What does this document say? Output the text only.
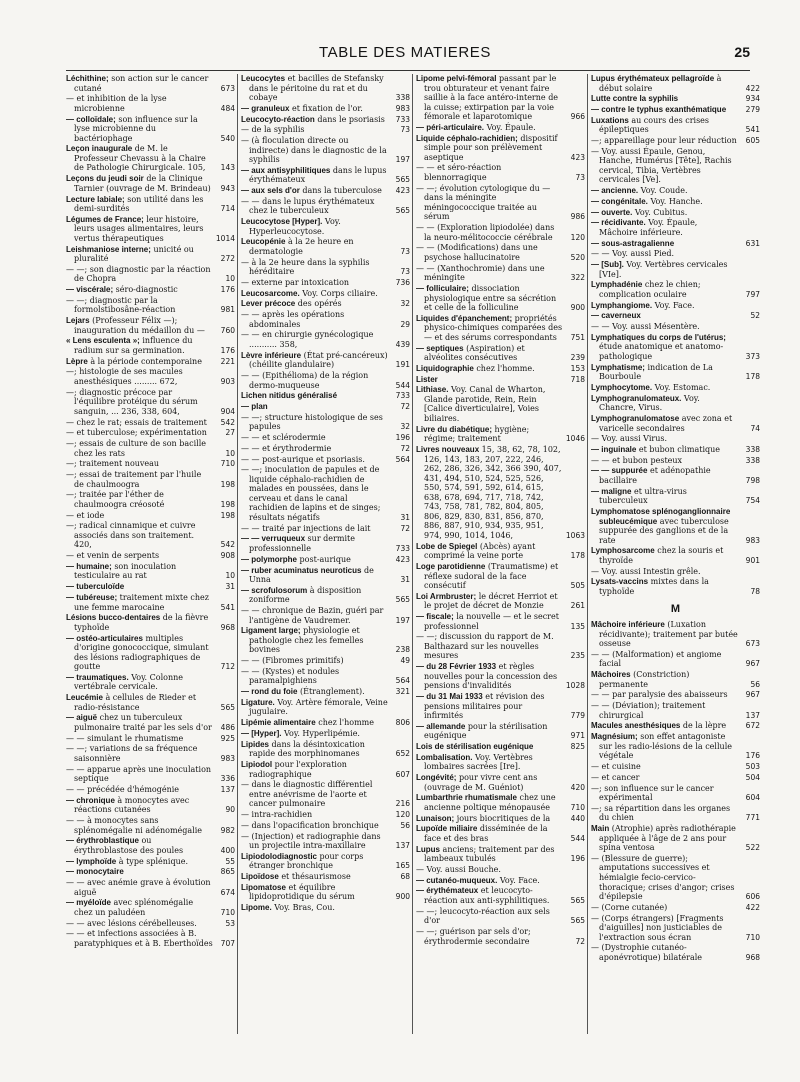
TABLE DES MATIERES	25
Léchithine; son action sur le cancer cutané	673
— et inhibition de la lyse microbienne	484
— colloïdale; son influence sur la lyse microbienne du bactériophage	540
Leçon inaugurale de M. le Professeur Chevassu à la Chaire de Pathologie Chirurgicale. 105, 143
Leçons du jeudi soir de la Clinique Tarnier (ouvrage de M. Brindeau) 943
Lecture labiale; son utilité dans les demi-surdités	714
Légumes de France; leur histoire, leurs usages alimentaires, leurs vertus thérapeutiques	1014
Leishmaniose interne; unicité ou pluralité	272
— —; son diagnostic par la réaction de Chopra	10
— viscérale; séro-diagnostic	176
— —; diagnostic par la formolstibosâne-réaction	981
Lejars (Professeur Félix —); inauguration du médaillon du — 760
« Lens esculenta »; influence du radium sur sa germination.	176
Lèpre à la période contemporaine 221
—; histologie de ses macules anesthésiques ......... 672,	903
—; diagnostic précoce par l'équilibre protéique du sérum sanguin, ... 236, 338, 604,	904
— chez le rat; essais de traitement 542
— et tuberculose; expérimentation 27
—; essais de culture de son bacille chez les rats	10
—; traitement nouveau	710
—; essai de traitement par l'huile de chaulmoogra	198
—; traitée par l'éther de chaulmoogra créosoté	198
— et iode	198
—; radical cinnamique et cuivre associés dans son traitement. 420,	542
— et venin de serpents	908
— humaine; son inoculation testiculaire au rat	10
— tuberculoïde	31
— tubéreuse; traitement mixte chez une femme marocaine	541
Lésions bucco-dentaires de la fièvre typhoïde	968
— ostéo-articulaires multiples d'origine gonococcique, simulant des lésions radiographiques de goutte	712
— traumatiques. Voy. Colonne vertébrale cervicale.
Leucémie à cellules de Rieder et radio-résistance	565
— aiguë chez un tuberculeux pulmonaire traité par les sels d'or 486
— — simulant le rhumatisme	925
— —; variations de sa fréquence saisonnière	983
— — apparue après une inoculation septique	336
— — précédée d'hémogénie	137
— chronique à monocytes avec réactions cutanées	90
— — à monocytes sans splénomégalie ni adénomégalie 982
— érythroblastique ou érythroblastose des poules	400
— lymphoïde à type splénique.	55
— monocytaire	865
— — avec anémie grave à évolution aiguë	674
— myéloïde avec splénomégalie chez un paludéen	710
— — avec lésions cérébelleuses.	53
— — et infections associées à B. paratyphiques et à B. Eberthoïdes 707
Leucocytes et bacilles de Stefansky dans le péritoine du rat et du cobaye	338
— granuleux et fixation de l'or.	983
Leucocyto-réaction dans le psoriasis 733
— de la syphilis	73
— (à floculation directe ou indirecte) dans le diagnostic de la syphilis	197
— aux antisyphilitiques dans le lupus érythémateux	565
— aux sels d'or dans la tuberculose 423
— — dans le lupus érythémateux chez le tuberculeux	565
Leucocytose [Hyper]. Voy. Hyperleucocytose.
Leucopénie à la 2e heure en dermatologie	73
— à la 2e heure dans la syphilis héréditaire	73
— externe par intoxication	736
Leucosarcome. Voy. Corps ciliaire.
Lever précoce des opérés	32
— — après les opérations abdominales	29
— — en chirurgie gynécologique ........... 358,	439
Lèvre inférieure (État pré-cancéreux) (chéilite glandulaire)	191
— — (Epithélioma) de la région dermo-muqueuse	544
Lichen nitidus généralisé	733
— plan	72
— —; structure histologique de ses papules	32
— — et sclérodermie	196
— — et érythrodermie	72
— — post-aurique et psoriasis.	564
— —; inoculation de papules et de liquide céphalo-rachidien de malades en poussées, dans le cerveau et dans le canal rachidien de lapins et de singes; résultats négatifs	31
— — traité par injections de lait	72
— — verruqueux sur dermite professionnelle	733
— polymorphe post-aurique	423
— ruber acuminatus neuroticus de Unna	31
— scrofulosorum à disposition zoniforme	565
— — chronique de Bazin, guéri par l'antigène de Vaudremer.	197
Ligament large; physiologie et pathologie chez les femelles bovines	238
— — (Fibromes primitifs)	49
— — (Kystes) et nodules paramalpighiens	564
— rond du foie (Étranglement).	321
Ligature. Voy. Artère fémorale, Veine jugulaire.
Lipémie alimentaire chez l'homme	806
— [Hyper]. Voy. Hyperlipémie.
Lipides dans la désintoxication rapide des morphinomanes	652
Lipiodol pour l'exploration radiographique	607
— dans le diagnostic différentiel entre anévrisme de l'aorte et cancer pulmonaire	216
— intra-rachidien	120
— dans l'opacification bronchique	56
— (Injection) et radiographie dans un projectile intra-maxillaire	137
Lipiodolodiagnostic pour corps étranger bronchique	165
Lipoïdose et thésaurismose	68
Lipomatose et équilibre lipidoprotidique du sérum	900
Lipome. Voy. Bras, Cou.
Lipome pelvi-fémoral passant par le trou obturateur et venant faire saillie à la face antéro-interne de la cuisse; extirpation par la voie fémorale et laparotomique	966
— péri-articulaire. Voy. Épaule.
Liquide céphalo-rachidien; dispositif simple pour son prélèvement aseptique	423
— — et séro-réaction blennorragique	73
— —; évolution cytologique du — dans la méningite méningococcique traitée au sérum	986
— — (Exploration lipiodolée) dans la neuro-mélitococcie cérébrale 120
— — (Modifications) dans une psychose hallucinatoire	520
— — (Xanthochromie) dans une méningite	322
— folliculaire; dissociation physiologique entre sa sécrétion et celle de la folliculine	900
Liquides d'épanchement; propriétés physico-chimiques comparées des — et des sérums correspondants 751
— septiques (Aspiration) et alvéolites consécutives	239
Liquidographie chez l'homme.	153
Lister	718
Lithiase. Voy. Canal de Wharton, Glande parotide, Rein, Rein [Calice diverticulaire], Voies biliaires.
Livre du diabétique; hygiène; régime; traitement	1046
Livres nouveaux 15, 38, 62, 78, 102, 126, 143, 183, 207, 222, 246, 262, 286, 326, 342, 366 390, 407, 431, 494, 510, 524, 525, 526, 550, 574, 591, 592, 614, 615, 638, 678, 694, 717, 718, 742, 743, 758, 781, 782, 804, 805, 806, 829, 830, 831, 856, 870, 886, 887, 910, 934, 935, 951, 974, 990, 1014, 1046,	1063
Lobe de Spiegel (Abcès) ayant comprimé la veine porte	178
Loge parotidienne (Traumatisme) et réflexe sudoral de la face consécutif	505
Loi Armbruster; le décret Herriot et le projet de décret de Monzie	261
— fiscale; la nouvelle — et le secret professionnel	135
— —; discussion du rapport de M. Balthazard sur les nouvelles mesures	235
— du 28 Février 1933 et règles nouvelles pour la concession des pensions d'invalidités	1028
— du 31 Mai 1933 et révision des pensions militaires pour infirmités	779
— allemande pour la stérilisation eugénique	971
Lois de stérilisation eugénique	825
Lombalisation. Voy. Vertèbres lombaires sacrées [Ire].
Longévité; pour vivre cent ans (ouvrage de M. Guéniot)	420
Lumbarthrie rhumatismale chez une ancienne poltique ménopausée	710
Lunaison; jours biocritiques de la	440
Lupoïde miliaire disséminée de la face et des bras	544
Lupus anciens; traitement par des lambeaux tubulés	196
— Voy. aussi Bouche.
— cutanéo-muqueux. Voy. Face.
— érythémateux et leucocyto-réaction aux anti-syphilitiques.	565
— —; leucocyto-réaction aux sels d'or	565
— —; guérison par sels d'or; érythrodermie secondaire	72
Lupus érythémateux pellagroïde à début solaire	422
Lutte contre la syphilis	934
— contre le typhus exanthématique	279
Luxations au cours des crises épileptiques	541
—; appareillage pour leur réduction 605
— Voy. aussi Épaule, Genou, Hanche, Humérus [Tête], Rachis cervical, Tibia, Vertèbres cervicales [Ve].
— ancienne. Voy. Coude.
— congénitale. Voy. Hanche.
— ouverte. Voy. Cubitus.
— récidivante. Voy. Épaule, Mâchoire inférieure.
— sous-astragalienne	631
— — Voy. aussi Pied.
— [Sub]. Voy. Vertèbres cervicales [VIe].
Lymphadénie chez le chien; complication oculaire	797
Lymphangiome. Voy. Face.
— caverneux	52
— — Voy. aussi Mésentère.
Lymphatiques du corps de l'utérus; étude anatomique et anatomo-pathologique	373
Lymphatisme; indication de La Bourboule	178
Lymphocytome. Voy. Estomac.
Lymphogranulomateux. Voy. Chancre, Virus.
Lymphogranulomatose avec zona et varicelle secondaires	74
— Voy. aussi Virus.
— inguinale et bubon climatique	338
— — et bubon pesteux	338
— — suppurée et adénopathie bacillaire	798
— maligne et ultra-virus tuberculeux	754
Lymphomatose splénoganglionnaire subleucémique avec tuberculose suppurée des ganglions et de la rate	983
Lymphosarcome chez la souris et thyroïde	901
— Voy. aussi Intestin grêle.
Lysats-vaccins mixtes dans la typhoïde	78
M
Mâchoire inférieure (Luxation récidivante); traitement par butée osseuse	673
— — (Malformation) et angiome facial	967
Mâchoires (Constriction) permanente	56
— — par paralysie des abaisseurs 967
— — (Déviation); traitement chirurgical	137
Macules anesthésiques de la lèpre	672
Magnésium; son effet antagoniste sur les radio-lésions de la cellule végétale	176
— et cuisine	503
— et cancer	504
—; son influence sur le cancer expérimental	604
—; sa répartition dans les organes du chien	771
Main (Atrophie) après radiothérapie appliquée à l'âge de 2 ans pour spina ventosa	522
— (Blessure de guerre); amputations successives et hémialgie fecio-cervico-thoracique; crises d'angor; crises d'épilepsie	606
— (Corne cutanée)	422
— (Corps étrangers) [Fragments d'aiguilles] non justiciables de l'extraction sous écran	710
— (Dystrophie cutanéo-aponévrotique) bilatérale	968
